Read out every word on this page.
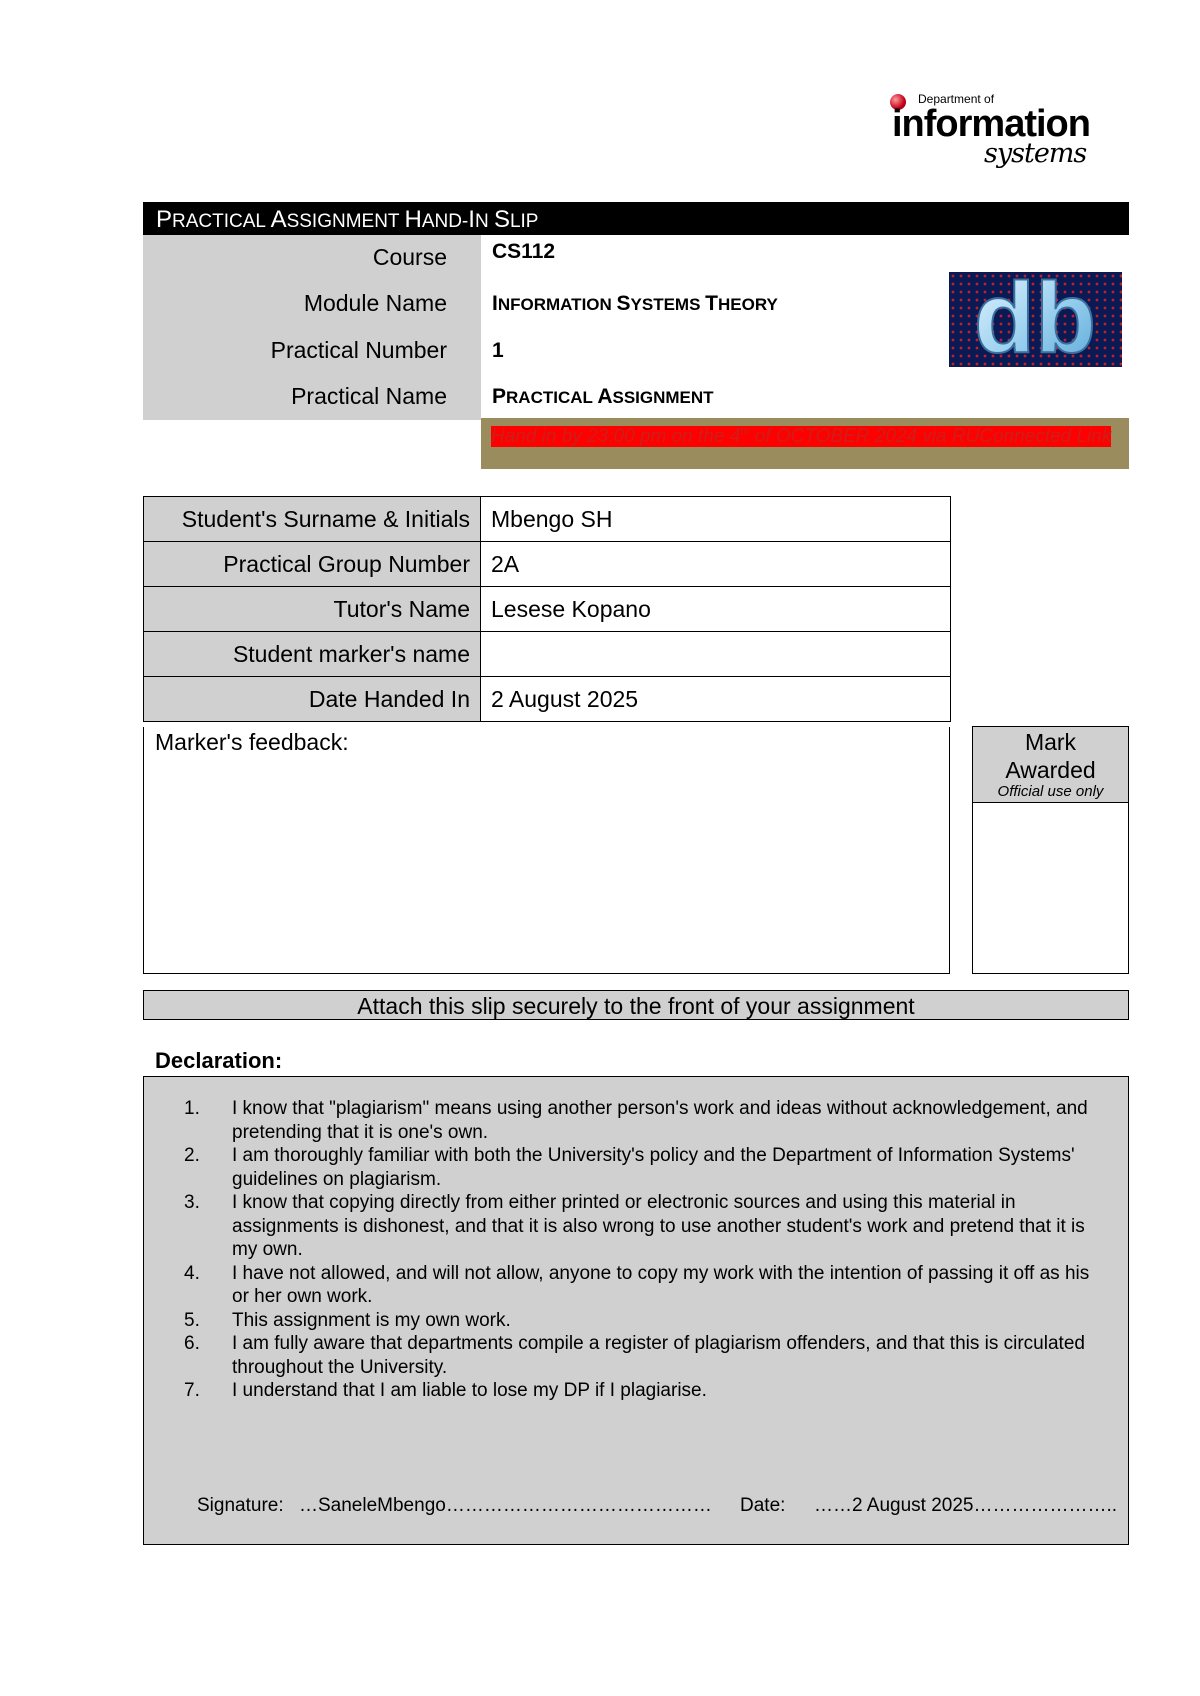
Department of
information
systems
PRACTICAL ASSIGNMENT HAND-IN SLIP
Course CS112
Module Name INFORMATION SYSTEMS THEORY
Practical Number 1
Practical Name PRACTICAL ASSIGNMENT
db
Hand in by 23:00 pm on the 4th of OCTOBER 2024 via RUConnected Link
Student's Surname & Initials	Mbengo SH
Practical Group Number	2A
Tutor's Name	Lesese Kopano
Student marker's name	
Date Handed In	2 August 2025
Marker's feedback:	Mark
Awarded
Official use only
Attach this slip securely to the front of your assignment
Declaration:
1. I know that "plagiarism" means using another person's work and ideas without acknowledgement, and pretending that it is one's own.
2. I am thoroughly familiar with both the University's policy and the Department of Information Systems' guidelines on plagiarism.
3. I know that copying directly from either printed or electronic sources and using this material in assignments is dishonest, and that it is also wrong to use another student's work and pretend that it is my own.
4. I have not allowed, and will not allow, anyone to copy my work with the intention of passing it off as his or her own work.
5. This assignment is my own work.
6. I am fully aware that departments compile a register of plagiarism offenders, and that this is circulated throughout the University.
7. I understand that I am liable to lose my DP if I plagiarise.
Signature: …SaneleMbengo…………………………………… Date: ……2 August 2025…………………..
